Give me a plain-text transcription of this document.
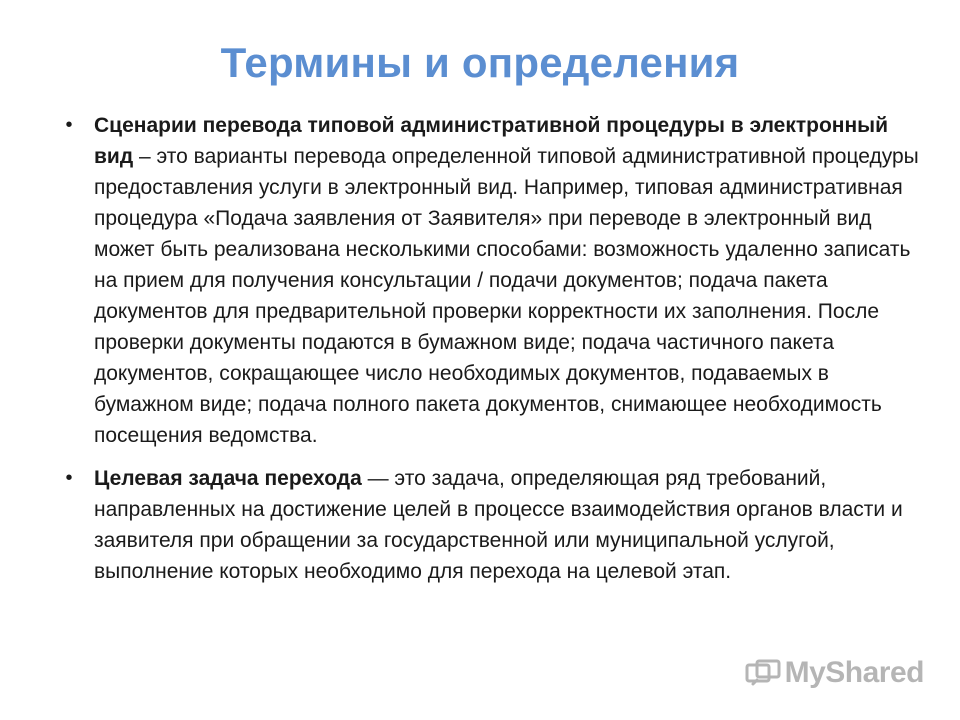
Термины и определения
• Сценарии перевода типовой административной процедуры в электронный вид – это варианты перевода определенной типовой административной процедуры предоставления услуги в электронный вид. Например, типовая административная процедура «Подача заявления от Заявителя» при переводе в электронный вид может быть реализована несколькими способами: возможность удаленно записать на прием для получения консультации / подачи документов; подача пакета документов для предварительной проверки корректности их заполнения. После проверки документы подаются в бумажном виде; подача частичного пакета документов, сокращающее число необходимых документов, подаваемых в бумажном виде; подача полного пакета документов, снимающее необходимость посещения ведомства.
• Целевая задача перехода — это задача, определяющая ряд требований, направленных на достижение целей в процессе взаимодействия органов власти и заявителя при обращении за государственной или муниципальной услугой, выполнение которых необходимо для перехода на целевой этап.
MyShared
